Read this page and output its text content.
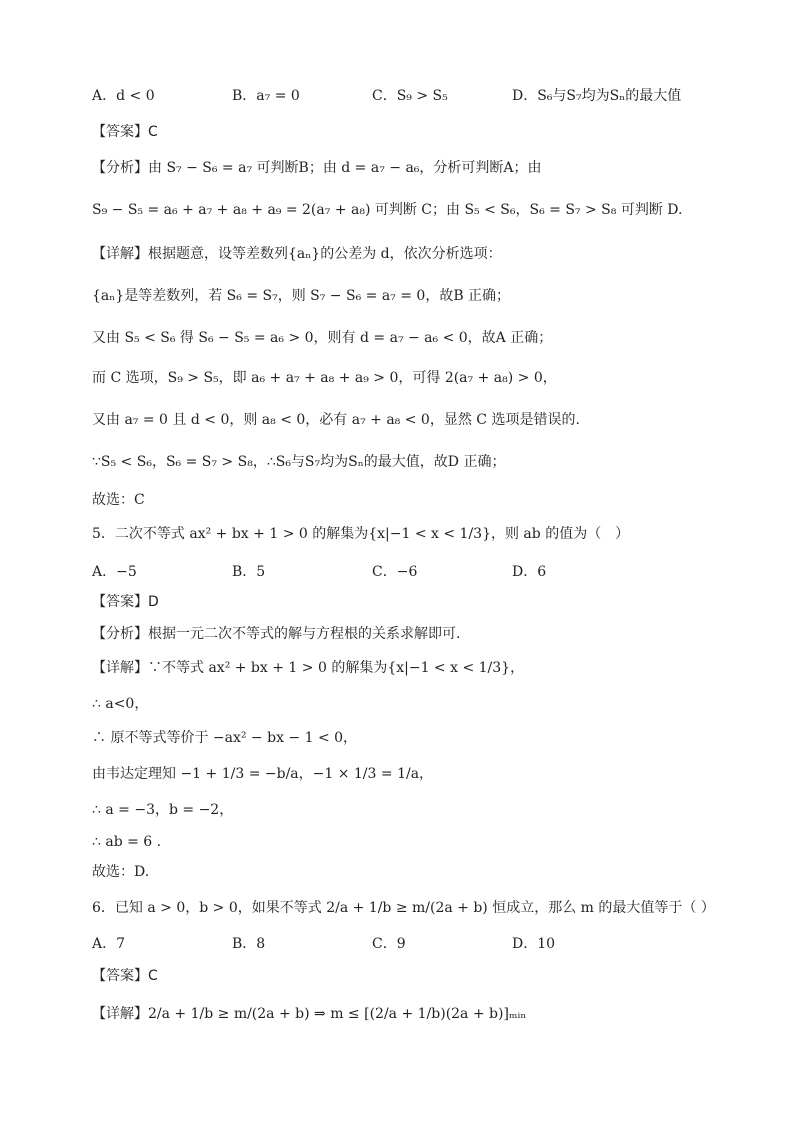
A．d < 0	B．a₇ = 0	C．S₉ > S₅	D．S₆与S₇均为Sₙ的最大值
【答案】C
【分析】由 S₇ − S₆ = a₇ 可判断B；由 d = a₇ − a₆，分析可判断A；由
S₉ − S₅ = a₆ + a₇ + a₈ + a₉ = 2(a₇ + a₈) 可判断 C；由 S₅ < S₆，S₆ = S₇ > S₈ 可判断 D.
【详解】根据题意，设等差数列{aₙ}的公差为 d，依次分析选项：
{aₙ}是等差数列，若 S₆ = S₇，则 S₇ − S₆ = a₇ = 0，故B 正确；
又由 S₅ < S₆ 得 S₆ − S₅ = a₆ > 0，则有 d = a₇ − a₆ < 0，故A 正确；
而 C 选项，S₉ > S₅，即 a₆ + a₇ + a₈ + a₉ > 0，可得 2(a₇ + a₈) > 0，
又由 a₇ = 0 且 d < 0，则 a₈ < 0，必有 a₇ + a₈ < 0，显然 C 选项是错误的.
∵S₅ < S₆，S₆ = S₇ > S₈，∴S₆与S₇均为Sₙ的最大值，故D 正确；
故选：C
5．二次不等式 ax² + bx + 1 > 0 的解集为{x|−1 < x < 1/3}，则 ab 的值为（　）
A．−5	B．5	C．−6	D．6
【答案】D
【分析】根据一元二次不等式的解与方程根的关系求解即可.
【详解】∵不等式 ax² + bx + 1 > 0 的解集为{x|−1 < x < 1/3}，
∴ a<0，
∴ 原不等式等价于 −ax² − bx − 1 < 0，
由韦达定理知 −1 + 1/3 = −b/a，−1 × 1/3 = 1/a，
∴ a = −3，b = −2，
∴ ab = 6 .
故选：D.
6．已知 a > 0，b > 0，如果不等式 2/a + 1/b ≥ m/(2a + b) 恒成立，那么 m 的最大值等于（ ）
A．7	B．8	C．9	D．10
【答案】C
【详解】2/a + 1/b ≥ m/(2a + b) ⇒ m ≤ [(2/a + 1/b)(2a + b)]ₘᵢₙ
